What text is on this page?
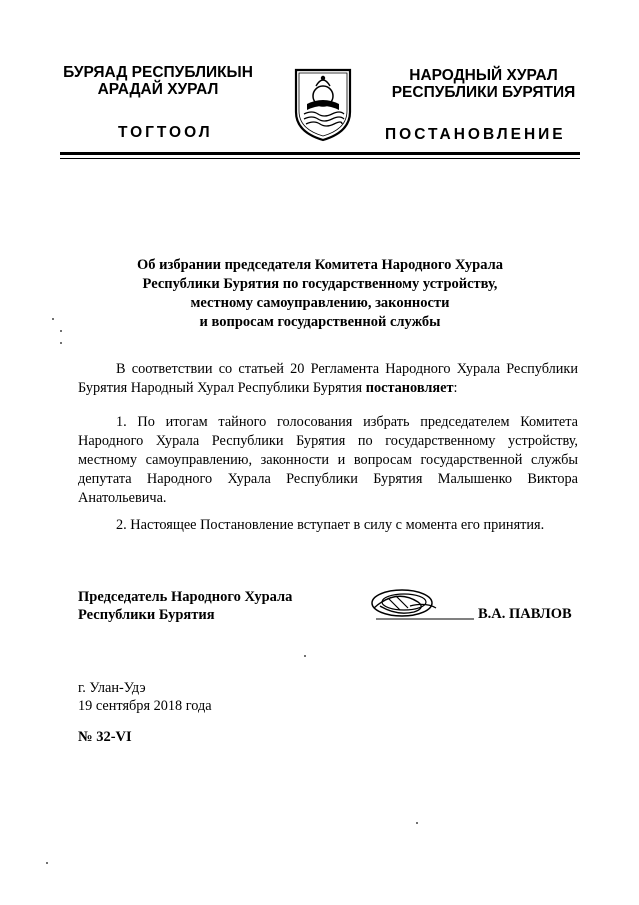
БУРЯАД РЕСПУБЛИКЫН
АРАДАЙ ХУРАЛ
ТОГТООЛ
НАРОДНЫЙ ХУРАЛ
РЕСПУБЛИКИ БУРЯТИЯ
ПОСТАНОВЛЕНИЕ
Об избрании председателя Комитета Народного Хурала
Республики Бурятия по государственному устройству,
местному самоуправлению, законности
и вопросам государственной службы
В соответствии со статьей 20 Регламента Народного Хурала Республики Бурятия Народный Хурал Республики Бурятия постановляет:
1. По итогам тайного голосования избрать председателем Комитета Народного Хурала Республики Бурятия по государственному устройству, местному самоуправлению, законности и вопросам государственной службы депутата Народного Хурала Республики Бурятия Малышенко Виктора Анатольевича.
2. Настоящее Постановление вступает в силу с момента его принятия.
Председатель Народного Хурала
Республики Бурятия	В.А. ПАВЛОВ
г. Улан-Удэ
19 сентября 2018 года
№ 32-VI
